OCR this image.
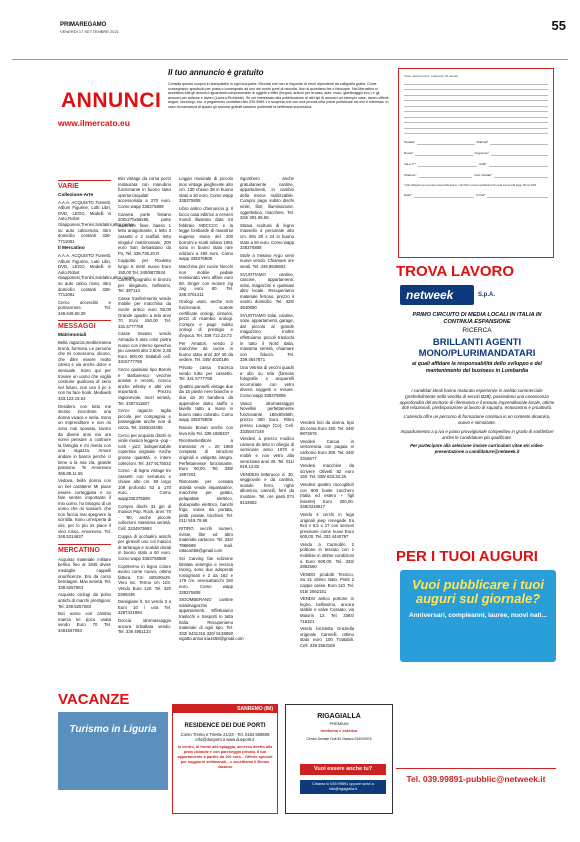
PRIMAREGAMO
VENERDÌ 17 SETTEMBRE 2021	55
ANNUNCI
www.ilmercato.eu
Il tuo annuncio è gratuito
Compila questo coupon in stampatello in ogni sua parte. Ricorda che non si risponde di errori dipendenti da calligrafia grafia. Come consegnarlo: spedisclo per posta o consegnato ad uno dei nostri punti di raccolta. Non si accettano fax o fotocopie. Nel Mercatino si accettano tutti gli annunci riguardanti compravendite di oggetti e affini (furgoni, articoli per la casa, auto, moto, giardinaggio ecc.) e gli annunci per auttone e lavoro (Lavoro-Richieste). Se vei interessato alla pubblicazione di altri tipi di annunci ad esempio case, lavoro offerte, auguri, necrologi, ecc. a pagamento contattaci allo 039.9989.1 e scoprirai che con una piccola cifra potrai pubblicare ciò che ti interessa. In caso di mancanza di spazio gli annunci gratuiti saranno pubblicati la settimana successiva.
Testo dell'annuncio (massimo 20 parole)
Testata*	Rubrica*
Nome*	Cognome*
Via e n°*	Città*
Telefono*	Cod. Fiscale*
* Dati obbligatori per prendere nella pubblicazione. I dati NON verranno pubblicati ai fini delle norme sulla legge 196 del 2003.
Data*	Firma*
VARIE
Collezione-Arte

A.A.A. ACQUISTO Fumetti, Album Figurine, Lotti Libri, DVD, LEGO, Modelli in Auto,Robot Giapponesi,Trenini,Soldatini,altro,nuove su auto calciomoto, ritiro domicilio contanti 328-7711081

Il Mercatino

A.A.A. ACQUISTO Fumetti, Album Figurine, Lotti Libri, DVD, LEGO, Modelli in Auto,Robot Giapponesi,Trenini,Soldatini,altro,nuove su auto calcio moto, ritiro domicilio contanti 328-7711081

Cerco accendini e portacenere. Tel. 349.649.60.29

MESSAGGI
Matrimoniali

Bella ragazza,mediterranea bruna, formosa. Le persone che mi conoscono, dicono, che ditre essere molto carina e sia anche dolce e sensuale. Sono qui per trovare un uomo che voglia costruire qualcosa di serio nel futuro, non uso il pc e non ho face book. Mediweb 333.123.15.63

Desidero con tutto me stesso incontrare una donna vivace e seria. Sono un imprenditore e non mi sono mai sposato, lavoro da diversi anni ma ora vorrei pensare a costruire la famiglia e mi rivedo con una ragazza. Amore andare in banca perché ci tiene a la mia zia, grande passione. Te Amoreveo 366.89.11.55

Vedova, bella donna con un bel carattere! Mi piace essere corteggiata e so fare sentire importante il mio uomo, ho bisogno di un uomo che mi sussurri, che non faccia mai spegnere la scintilla. Sono un'esperta di vini, per lo più mi piace il vino rosso. Amoreveo. Tel. 348.5314637

MERCATINO

Acquisto materiale militare bellico fino al 1945 divise medaglie cappelli onorificenze. Ero da corso beretagne. Max serietà. Tel. 339.5257683

Acquisto orologi da polso antichi di marchi prestigiosi. Tel. 339.5257683

Bici uomo con cambio marcia lei poco usata vendo Euro 70 Tel. 3491567083

Bici vintage da corsa pezzi restaurata con manubrio funzionante in buono stato opertorcinquilati accessoriata a 270 euro. Como wapp 335375808

Camera porte fissano 200x270x58x95, parte superiore fisse, basso 1 letto ariagomante, 1 letto 3 cassetti e 2 scaffali, letto singolo/ matrimoniale, 200 euro San Sebastiano da Po, Tel. 339.736.20.R

Cappotto per Rouletto lungo 6 metri nuovo Euro 150,00 Tel. 340/9873934

Carrelli tipografici in bronzo per rilegatura, bellissimi, Tel. 397114

Casse trasferimento vendo mobile per macchina da cucire antico euro 50,00 Grande quadro a tela anni 70 Euro 150,00 Tel. 331.5777768

Casse travaso vendo Armadio 5 ante color pietra nuovo con interno speechio piu cassetti alto 2,50m 2,35 Euro 500,00 trattabili cell. 3315777768

Cerco qualsiasi tipo Barolo e Barbaresco vecchie annate e recenti, ricerco anche whisky e altri vini importanti. Prezzo ragionevole, mezi serietà, Tel. 3387311827

Cerco ragazze taglia piccola per compagnia e passeggiate anche non di razza. Tel. 3393044485

Cerco per acquisto dischi in vinile musica leggera -pop -rock - jazz; indispensabile copertina originale. Anche grosse quantità, e intere collezioni. Tel. 347 9175032

Como - di legno vintage tre cassetti con serratura e chiave alto cm. 89 largo 109 profondo 53 a 170 euro. Como wapp335375808

Compro dischi 33 giri di musica Pop, Rock, anni '70 - '80, anche piccole collezioni. Massima serietà. Cell. 3334973693

Coppia di occhialini antichi per giravolt uno col manico di tartaruga e scatola dorati in buono stato a 60 euro. Como wapp 3353758588

Copritermo in legno colore avorio come nuovo, ottima fattura. Cm 180x90x29. Vero inc. Termo cm 103. Vendo Euro 120. Tel. 320 0309436

Damigiane lt. 54 vendo 3 a Euro 10 / una Tel. 3287431894

Doccia idromassaggio ancora imballata vendo. Tel. 338 4951133

Leggio musicale di piccolo inox vintage pieghevole alto cm. 130 chiuso 38 in buono stato a 30 euro. Como wapp 335375808

Libro antico d'annuncio g. Il lucco casa editrice a cervieri mondi illustrato data XII febbraio MDCCCC e la legge lombarde di maestrioi eugenio storia del 200 borromi e scotti milano 1851 sono in buono stato rare edizioni a 490 euro. Como wapp 335375808

Macchina per cucire Necchi non mobile pedale revisionato vero affare euro 50. Singer con motore zig zag euro 80. Tel. 349.3761411

Orologi usati, anche non funzionanti, scatole certificate orologi, cinturini, pezzi di ricambio orologi. Compro e pago subito orologi di prestigio e d'epoca. Tel. 339 713.23.73

Per Amatori, vendo 2 macchine da cucire in buono stato anni 30/ 40 da vedere. Tel. 349/ 4020186

Privato cassa tracisca vendo tutto per cassetto. Tel. 331 5777768

Quattro pannelli vintage due da 15 pieste nere bianche e due da 20 bandiera da appendere datro stuffa o lavello tatto a mano in buono stato colorato. Como wapp 335375808

Rasoio Brown anche con leva Kilo Tel. 339 1685337

Ricetrasmettitore a transistor AI = 20 1960 completa di istruzioni originali e valigetta integra. Perfettamente funzionante. Euro 90,00. Tel. 339/ 1997201

Ristorante per cessata attività vende impastatrice, macchina per gelato, pelapatate elettrico, dolcepiatte elettrico, banchi frigo, vasca da portata, piatti, posate, bicchieri. Tel. 011/ 919.79.98

RITIRO vecchi numeri, riviste, libri ed altro materiale cartaceo. Tel. 334/ 7865699 mail. ratacart58@gmail.com

Sci Carving fan edizione limitata senergia e tecnica racing, sono due adoperati rossigrinati e 2 da 162 e 176 cm. sereicattacchi 150 euro. Como wapp 335375808

SIGOMBERANO cantine solaimagazzini appartamenti. Effettuiamo traslochi e trasporti in tutta Italia. Recuperiamo materiale di ogni tipo. Tel. 333/ 6431316 320/ 8138060 vigatto.annuncia4s58@gmail.com

Sgombero anche gratuitamente cantine, appartamenti, in cambio della merce riutilizzabile. Compro pago subito dischi vinile, libri, illuminazione, oggettistica, macchine. Tel. 334/ 391.06.56

Statua scultura di legno massello 4 personale alto cm. 80x 28 x 24 in buono stato a 60 euro. Como wapp 335375808

Stufe a metano Argo semi nuove vendo. Chiamare ore serali. Tel. 349.8535603

SVUOTIAMO cantine, cascine, appartamenti, solai, magazzini e qualsiasi altro locale. Recuperiamo materiale ferroso, prezzo il vostro domicilio. Tel. 329/ 4540690

SVUOTIAMO solai, cantine, solai, appartamenti, garage, dal piccolo al grande magazzino. Inoltre effettuiamo piccoli traslochi in tutto il Nord Italia, massima serietà, chiamare con fiducia. Tel. 339.4647871

Una Vetrina di vecchi quadri a olio su tela (famose fotografie e acquerelli incorniciate con vetro diversi soggetti e misure. Como wapp 335375808

Vasca idromassaggio Novellini perfettamente funzionante, 180x80x55h, prezzo 300 Euro. Ritiro presso Lavagn (Co). Cell. 3335047148

Vendesi a prezzo modico camera da letto in ciliegio di verniciare anno 1970 e mobili e non vetro alla veneziana anni 30. Tel. 011/ 919.12.82

VENDESI letterucce d. 30, seggiovole e da cantina, scatole ferro, righe alluminio, utensili, ferri da mostare. Tel. ore pasti 074 8133882

Vendesi bici da donna, tipo da corsa Euro 150. Tel. 349/ 9873976

Vendesi Canoa in vetroresina con pagaia in carbonio Euro 300. Tel. 349/ 3316677

Vendesi macchine da scrivere Olivetti 82 euro 150. Tel. 339/ 633.33.26

Vendesi quattro raccoglitori con 900 buste zucchero (Italia ed estero + figli inserite) Euro 250,00. 349/3318617

Vendo 4 cerchi in lega originali jeep renegade tra 8x4 x 6,5 x 17 con sensori pressione come nuovi Euro 600,00. Tel. 333 4440797

Vendo a Carmoblo 2 poltrone in tessuto con 1 mobilise in ottime condizioni a Euro 600,00. Tel. 333/ 2862560

VENDO prodotti Tecnico, Su 21 ottimo stato. Piotti 2 coppie casse. Euro 110. Tel. 015/ 2562151

VENDO antico portone in legno, bellissimo, ancora stabile e valve Cossato, via Maiorin 12. Tel. 3384/ 716321

Vendo bicicletta Graziella originale Carnielli, ottimo stato euro 100 Trattabili. Cell. 339 2563169

TROVA LAVORO
netweek	S.p.A.
PRIMO CIRCUITO DI MEDIA LOCALI IN ITALIA IN CONTINUA ESPANSIONE
RICERCA
BRILLANTI AGENTI MONO/PLURIMANDATARI
ai quali affidare la responsabilità dello sviluppo e del mantenimento del business in Lombardia

I candidati ideali hanno maturato esperienze in ambito commerciale (preferibilmente nella vendita di servizi B2B), possiedono una conoscenza approfondita del territorio di riferimento e il tessuto imprenditoriale locale, ottime doti relazionali, predisposizione al lavoro di squadra, entusiasmo e proattività.

L'azienda offre un percorso di formazione continua in un contesto dinamico, nuovo e stimolante.

Inquadramento a p.iva e piano provvigionale competitivo in grado di soddisfare anche le candidature più qualificate.

Per partecipare alla selezione inviare curriculum vitae e/o video-presentazione a candidature@netweek.it

PER I TUOI AUGURI
Vuoi pubblicare i tuoi auguri sul giornale?
Anniversari, compleanni, lauree, nuovi nati...
VACANZE
Turismo in Liguria
SANREMO (IM)
RESIDENCE DEI DUE PORTI
Corso Trento e Trieste 21/23 - Tel. 0184 508506 info@dueporti.it www.dueporti.it
In centro, di fronte alla spiaggia, accesso diretto alla pista ciclabile e con parcheggio privato. Il tuo appartamento a partire da 100 euro... Offerte speciali per soggiorni settimanali... e accettiamo il Bonus Vacanze
RIGAGIALLA
PREMIUM
medicina e estetica
Centro Dentale Dott 84 Osasco 034020576
Vuoi essere anche tu?
Chiama lo 039.99891 oppure scrivi a info@rigagialla.it
Tel. 039.99891-pubblic@netweek.it
